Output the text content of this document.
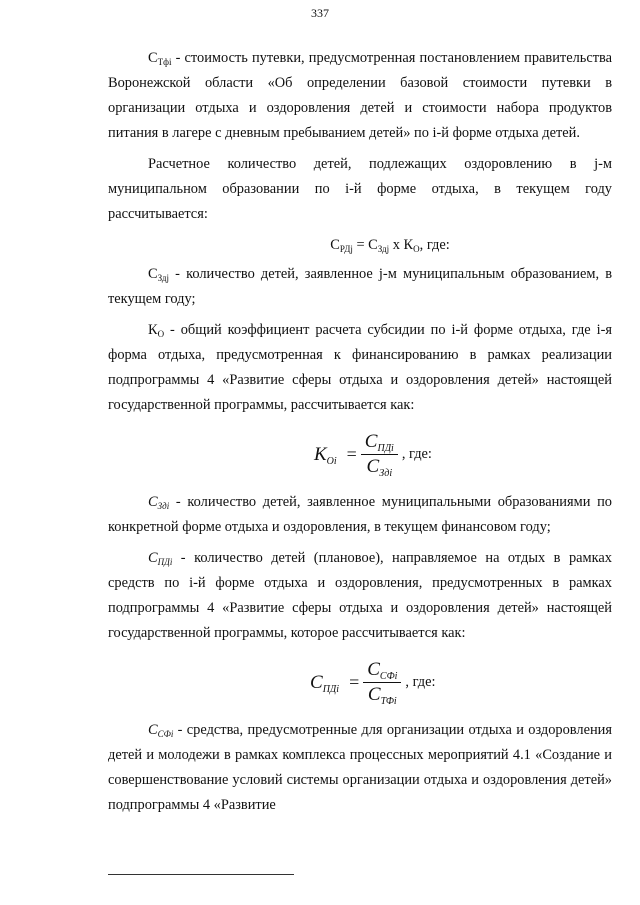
337

$С_{Тфi}$ - стоимость путевки, предусмотренная постановлением правительства Воронежской области «Об определении базовой стоимости путевки в организации отдыха и оздоровления детей и стоимости набора продуктов питания в лагере с дневным пребыванием детей» по i-й форме отдыха детей.

Расчетное количество детей, подлежащих оздоровлению в j-м муниципальном образовании по i-й форме отдыха, в текущем году рассчитывается:

$С_{РДj} = С_{Здj}$ х $К_О$, где:

$С_{Здj}$ - количество детей, заявленное j-м муниципальным образованием, в текущем году;

$К_О$ - общий коэффициент расчета субсидии по i-й форме отдыха, где i-я форма отдыха, предусмотренная к финансированию в рамках реализации подпрограммы 4 «Развитие сферы отдыха и оздоровления детей» настоящей государственной программы, рассчитывается как:

$К_{Оi} = \frac{С_{ПДi}}{С_{Здi}}$ , где:

$С_{Здi}$ - количество детей, заявленное муниципальными образованиями по конкретной форме отдыха и оздоровления, в текущем финансовом году;

$С_{ПДi}$ - количество детей (плановое), направляемое на отдых в рамках средств по i-й форме отдыха и оздоровления, предусмотренных в рамках подпрограммы 4 «Развитие сферы отдыха и оздоровления детей» настоящей государственной программы, которое рассчитывается как:

$С_{ПДi} = \frac{С_{СФi}}{С_{ТФi}}$ , где:

$С_{СФi}$ - средства, предусмотренные для организации отдыха и оздоровления детей и молодежи в рамках комплекса процессных мероприятий 4.1 «Создание и совершенствование условий системы организации отдыха и оздоровления детей» подпрограммы 4 «Развитие
